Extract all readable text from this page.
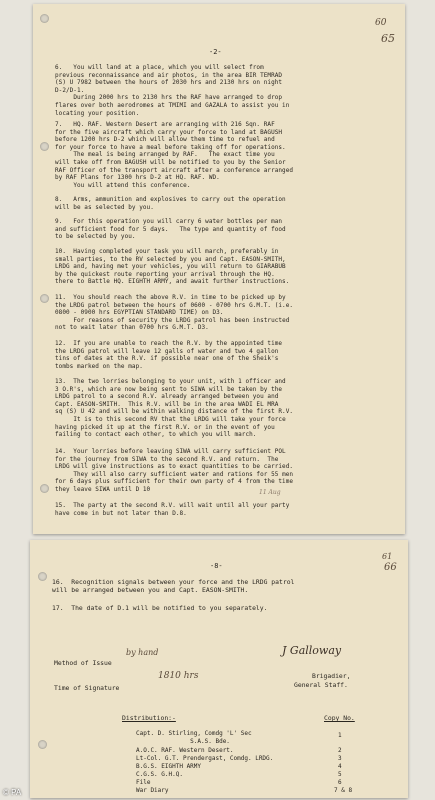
60
65
-2-
6.   You will land at a place, which you will select from
previous reconnaissance and air photos, in the area BIR TEMRAD
(S) U 7982 between the hours of 2030 hrs and 2130 hrs on night
D-2/D-1.
During 2000 hrs to 2130 hrs the RAF have arranged to drop
flares over both aerodromes at TMIMI and GAZALA to assist you in
locating your position.
7.   HQ. RAF. Western Desert are arranging with 216 Sqn. RAF
for the five aircraft which carry your force to land at BAGUSH
before 1200 hrs D-2 which will allow them time to refuel and
for your force to have a meal before taking off for operations.
The meal is being arranged by RAF.   The exact time you
will take off from BAGUSH will be notified to you by the Senior
RAF Officer of the transport aircraft after a conference arranged
by RAF Plans for 1300 hrs D-2 at HQ. RAF. WD.
You will attend this conference.
8.   Arms, ammunition and explosives to carry out the operation
will be as selected by you.
9.   For this operation you will carry 6 water bottles per man
and sufficient food for 5 days.   The type and quantity of food
to be selected by you.
10.  Having completed your task you will march, preferably in
small parties, to the RV selected by you and Capt. EASON-SMITH,
LRDG and, having met your vehicles, you will return to GIARABUB
by the quickest route reporting your arrival through the HQ.
there to Battle HQ. EIGHTH ARMY, and await further instructions.
11.  You should reach the above R.V. in time to be picked up by
the LRDG patrol between the hours of 0600 - 0700 hrs G.M.T. (i.e.
0800 - 0900 hrs EGYPTIAN STANDARD TIME) on D3.
For reasons of security the LRDG patrol has been instructed
not to wait later than 0700 hrs G.M.T. D3.
12.  If you are unable to reach the R.V. by the appointed time
the LRDG patrol will leave 12 galls of water and two 4 gallon
tins of dates at the R.V. if possible near one of the Sheik's
tombs marked on the map.
13.  The two lorries belonging to your unit, with 1 officer and
3 O.R's, which are now being sent to SIWA will be taken by the
LRDG patrol to a second R.V. already arranged between you and
Capt. EASON-SMITH.  This R.V. will be in the area WADI EL MRA
sq (S) U 42 and will be within walking distance of the first R.V.
It is to this second RV that the LRDG will take your force
having picked it up at the first R.V. or in the event of you
failing to contact each other, to which you will march.
14.  Your lorries before leaving SIWA will carry sufficient POL
for the journey from SIWA to the second R.V. and return.  The
LRDG will give instructions as to exact quantities to be carried.
They will also carry sufficient water and rations for 55 men
for 6 days plus sufficient for their own party of 4 from the time
they leave SIWA until D 10	11 Aug
15.  The party at the second R.V. will wait until all your party
have come in but not later than D.8.
61
66
-8-
16.  Recognition signals between your force and the LRDG patrol
will be arranged between you and Capt. EASON-SMITH.
17.  The date of D.1 will be notified to you separately.
Method of Issue
by hand	J Galloway
Time of Signature
1810 hrs	Brigadier,
General Staff.
Distribution:-	Copy No.
Capt. D. Stirling, Comdg 'L' Sec	1
S.A.S. Bde.
A.O.C. RAF. Western Desert.	2
Lt-Col. G.T. Prendergast, Comdg. LRDG.	3
B.G.S. EIGHTH ARMY	4
C.G.S. G.H.Q.	5
File	6
War Diary	7 & 8
© PA
